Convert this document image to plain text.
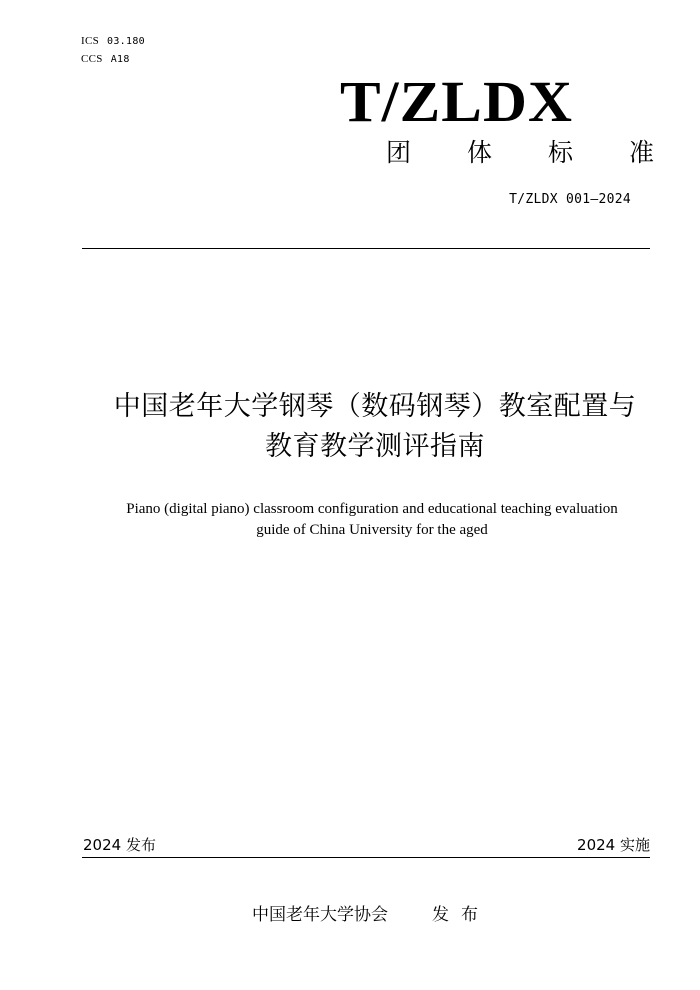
ICS 03.180
CCS A18
T/ZLDX
团 体 标 准
T/ZLDX 001—2024
中国老年大学钢琴（数码钢琴）教室配置与
教育教学测评指南
Piano (digital piano) classroom configuration and educational teaching evaluation
guide of China University for the aged
2024 发布	2024 实施
中国老年大学协会	发布
